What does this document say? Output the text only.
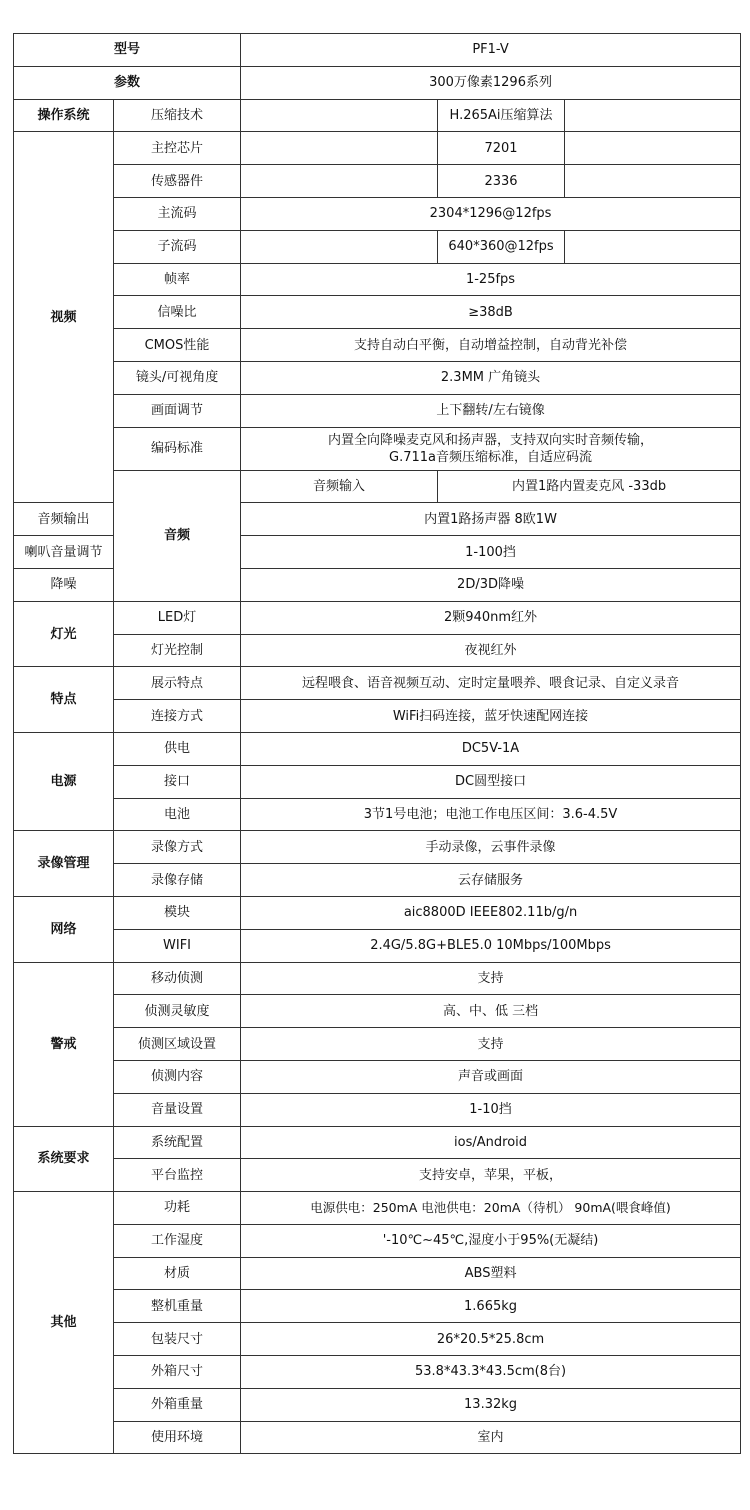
型号		PF1-V		
参数		300万像素1296系列		
操作系统	压缩技术		H.265Ai压缩算法	
视频	主控芯片		7201	
	传感器件		2336	
	主流码	2304*1296@12fps		
	子流码		640*360@12fps	
	帧率	1-25fps		
	信噪比	≥38dB		
	CMOS性能	支持自动白平衡，自动增益控制，自动背光补偿		
	镜头/可视角度	2.3MM 广角镜头		
	画面调节	上下翻转/左右镜像		
	编码标准	内置全向降噪麦克风和扬声器，支持双向实时音频传输，
G.711a音频压缩标准，自适应码流		

	音频	音频输入	内置1路内置麦克风 -33db	
音频输出		内置1路扬声器 8欧1W		
喇叭音量调节		1-100挡		
降噪		2D/3D降噪		
灯光	LED灯	2颗940nm红外		
	灯光控制	夜视红外		
特点	展示特点	远程喂食、语音视频互动、定时定量喂养、喂食记录、自定义录音		
	连接方式	WiFi扫码连接，蓝牙快速配网连接		
电源	供电	DC5V-1A		
	接口	DC圆型接口		
	电池	3节1号电池；电池工作电压区间：3.6-4.5V		
录像管理	录像方式	手动录像，云事件录像		
	录像存储	云存储服务		
网络	模块	aic8800D IEEE802.11b/g/n		
	WIFI	2.4G/5.8G+BLE5.0 10Mbps/100Mbps		
警戒	移动侦测	支持		
	侦测灵敏度	高、中、低 三档		
	侦测区域设置	支持		
	侦测内容	声音或画面		
	音量设置	1-10挡		
系统要求	系统配置	ios/Android		
	平台监控	支持安卓，苹果，平板，		
其他	功耗	电源供电：250mA 电池供电：20mA（待机） 90mA(喂食峰值)		
	工作湿度	'-10℃~45℃,湿度小于95%(无凝结)		
	材质	ABS塑料		
	整机重量	1.665kg		
	包装尺寸	26*20.5*25.8cm		
	外箱尺寸	53.8*43.3*43.5cm(8台)		
	外箱重量	13.32kg		
	使用环境	室内		
